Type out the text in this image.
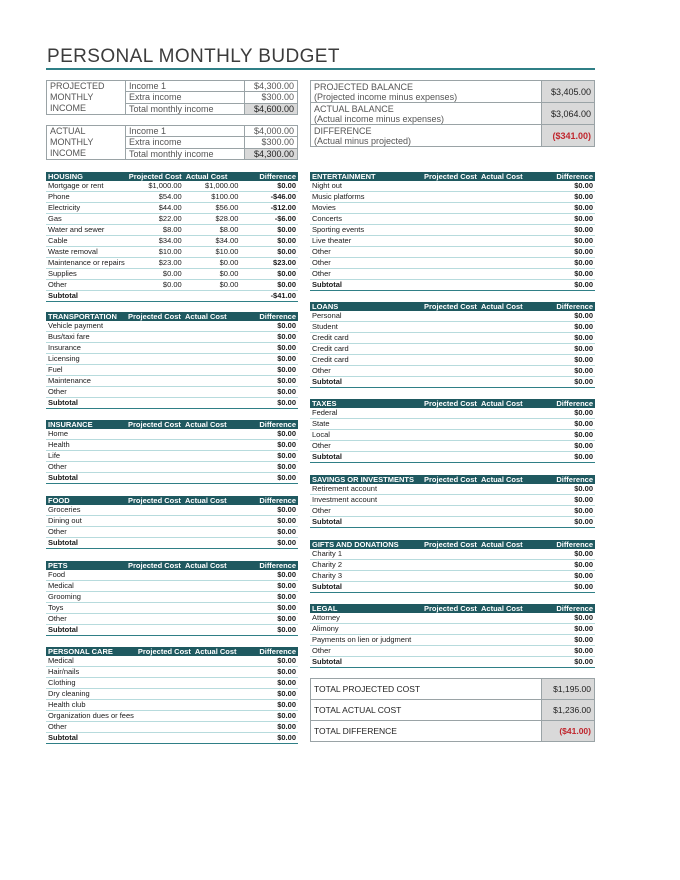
PERSONAL MONTHLY BUDGET
PROJECTED MONTHLY INCOME	Income 1	$4,300.00
	Extra income	$300.00
	Total monthly income	$4,600.00
ACTUAL MONTHLY INCOME	Income 1	$4,000.00
	Extra income	$300.00
	Total monthly income	$4,300.00
PROJECTED BALANCE
(Projected income minus expenses)	$3,405.00
ACTUAL BALANCE
(Actual income minus expenses)	$3,064.00
DIFFERENCE
(Actual minus projected)	($341.00)
HOUSING	Projected Cost	Actual Cost	Difference
Mortgage or rent	$1,000.00	$1,000.00	$0.00
Phone	$54.00	$100.00	-$46.00
Electricity	$44.00	$56.00	-$12.00
Gas	$22.00	$28.00	-$6.00
Water and sewer	$8.00	$8.00	$0.00
Cable	$34.00	$34.00	$0.00
Waste removal	$10.00	$10.00	$0.00
Maintenance or repairs	$23.00	$0.00	$23.00
Supplies	$0.00	$0.00	$0.00
Other	$0.00	$0.00	$0.00
Subtotal			-$41.00
TRANSPORTATION	Projected Cost	Actual Cost	Difference
Vehicle payment			$0.00
Bus/taxi fare			$0.00
Insurance			$0.00
Licensing			$0.00
Fuel			$0.00
Maintenance			$0.00
Other			$0.00
Subtotal			$0.00
INSURANCE	Projected Cost	Actual Cost	Difference
Home			$0.00
Health			$0.00
Life			$0.00
Other			$0.00
Subtotal			$0.00
FOOD	Projected Cost	Actual Cost	Difference
Groceries			$0.00
Dining out			$0.00
Other			$0.00
Subtotal			$0.00
PETS	Projected Cost	Actual Cost	Difference
Food			$0.00
Medical			$0.00
Grooming			$0.00
Toys			$0.00
Other			$0.00
Subtotal			$0.00
PERSONAL CARE	Projected Cost	Actual Cost	Difference
Medical			$0.00
Hair/nails			$0.00
Clothing			$0.00
Dry cleaning			$0.00
Health club			$0.00
Organization dues or fees			$0.00
Other			$0.00
Subtotal			$0.00
ENTERTAINMENT	Projected Cost	Actual Cost	Difference
Night out			$0.00
Music platforms			$0.00
Movies			$0.00
Concerts			$0.00
Sporting events			$0.00
Live theater			$0.00
Other			$0.00
Other			$0.00
Other			$0.00
Subtotal			$0.00
LOANS	Projected Cost	Actual Cost	Difference
Personal			$0.00
Student			$0.00
Credit card			$0.00
Credit card			$0.00
Credit card			$0.00
Other			$0.00
Subtotal			$0.00
TAXES	Projected Cost	Actual Cost	Difference
Federal			$0.00
State			$0.00
Local			$0.00
Other			$0.00
Subtotal			$0.00
SAVINGS OR INVESTMENTS	Projected Cost	Actual Cost	Difference
Retirement account			$0.00
Investment account			$0.00
Other			$0.00
Subtotal			$0.00
GIFTS AND DONATIONS	Projected Cost	Actual Cost	Difference
Charity 1			$0.00
Charity 2			$0.00
Charity 3			$0.00
Subtotal			$0.00
LEGAL	Projected Cost	Actual Cost	Difference
Attorney			$0.00
Alimony			$0.00
Payments on lien or judgment			$0.00
Other			$0.00
Subtotal			$0.00
TOTAL PROJECTED COST	$1,195.00
TOTAL ACTUAL COST	$1,236.00
TOTAL DIFFERENCE	($41.00)
